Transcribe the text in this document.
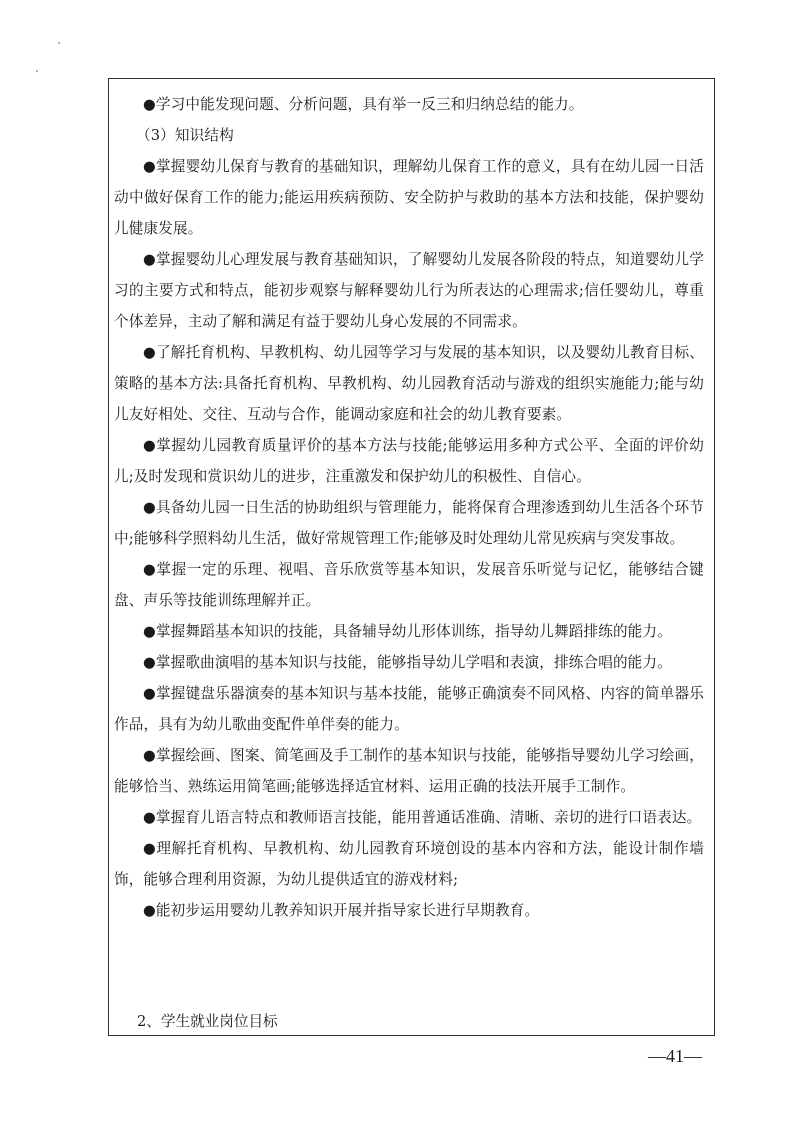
●学习中能发现问题、分析问题，具有举一反三和归纳总结的能力。

（3）知识结构

●掌握婴幼儿保育与教育的基础知识，理解幼儿保育工作的意义，具有在幼儿园一日活动中做好保育工作的能力;能运用疾病预防、安全防护与救助的基本方法和技能，保护婴幼儿健康发展。

●掌握婴幼儿心理发展与教育基础知识，了解婴幼儿发展各阶段的特点，知道婴幼儿学习的主要方式和特点，能初步观察与解释婴幼儿行为所表达的心理需求;信任婴幼儿，尊重个体差异，主动了解和满足有益于婴幼儿身心发展的不同需求。

●了解托育机构、早教机构、幼儿园等学习与发展的基本知识，以及婴幼儿教育目标、策略的基本方法:具备托育机构、早教机构、幼儿园教育活动与游戏的组织实施能力;能与幼儿友好相处、交往、互动与合作，能调动家庭和社会的幼儿教育要素。

●掌握幼儿园教育质量评价的基本方法与技能;能够运用多种方式公平、全面的评价幼儿;及时发现和赏识幼儿的进步，注重激发和保护幼儿的积极性、自信心。

●具备幼儿园一日生活的协助组织与管理能力，能将保育合理渗透到幼儿生活各个环节中;能够科学照料幼儿生活，做好常规管理工作;能够及时处理幼儿常见疾病与突发事故。

●掌握一定的乐理、视唱、音乐欣赏等基本知识，发展音乐听觉与记忆，能够结合键盘、声乐等技能训练理解并正。

●掌握舞蹈基本知识的技能，具备辅导幼儿形体训练，指导幼儿舞蹈排练的能力。

●掌握歌曲演唱的基本知识与技能，能够指导幼儿学唱和表演，排练合唱的能力。

●掌握键盘乐器演奏的基本知识与基本技能，能够正确演奏不同风格、内容的简单器乐作品，具有为幼儿歌曲变配件单伴奏的能力。

●掌握绘画、图案、简笔画及手工制作的基本知识与技能，能够指导婴幼儿学习绘画，能够恰当、熟练运用简笔画;能够选择适宜材料、运用正确的技法开展手工制作。

●掌握育儿语言特点和教师语言技能，能用普通话准确、清晰、亲切的进行口语表达。

●理解托育机构、早教机构、幼儿园教育环境创设的基本内容和方法，能设计制作墙饰，能够合理利用资源，为幼儿提供适宜的游戏材料;

●能初步运用婴幼儿教养知识开展并指导家长进行早期教育。

2、学生就业岗位目标
—41—
